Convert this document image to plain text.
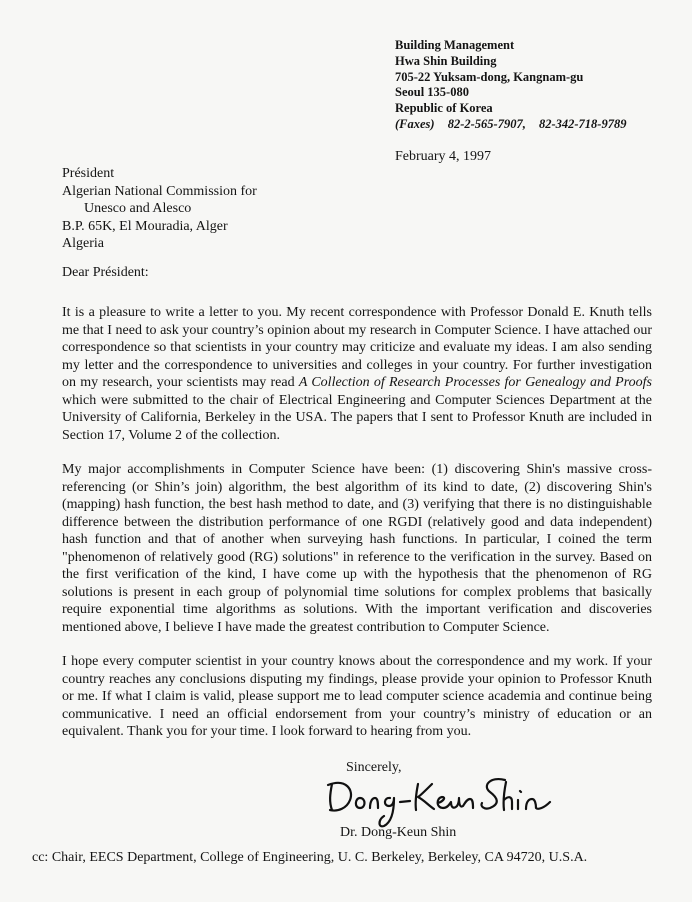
Building Management
Hwa Shin Building
705-22 Yuksam-dong, Kangnam-gu
Seoul 135-080
Republic of Korea
(Faxes) 82-2-565-7907, 82-342-718-9789
February 4, 1997
Président
Algerian National Commission for
Unesco and Alesco
B.P. 65K, El Mouradia, Alger
Algeria
Dear Président:
It is a pleasure to write a letter to you. My recent correspondence with Professor Donald E. Knuth tells me that I need to ask your country’s opinion about my research in Computer Science. I have attached our correspondence so that scientists in your country may criticize and evaluate my ideas. I am also sending my letter and the correspondence to universities and colleges in your country. For further investigation on my research, your scientists may read A Collection of Research Processes for Genealogy and Proofs which were submitted to the chair of Electrical Engineering and Computer Sciences Department at the University of California, Berkeley in the USA. The papers that I sent to Professor Knuth are included in Section 17, Volume 2 of the collection.
My major accomplishments in Computer Science have been: (1) discovering Shin's massive cross-referencing (or Shin’s join) algorithm, the best algorithm of its kind to date, (2) discovering Shin's (mapping) hash function, the best hash method to date, and (3) verifying that there is no distinguishable difference between the distribution performance of one RGDI (relatively good and data independent) hash function and that of another when surveying hash functions. In particular, I coined the term "phenomenon of relatively good (RG) solutions" in reference to the verification in the survey. Based on the first verification of the kind, I have come up with the hypothesis that the phenomenon of RG solutions is present in each group of polynomial time solutions for complex problems that basically require exponential time algorithms as solutions. With the important verification and discoveries mentioned above, I believe I have made the greatest contribution to Computer Science.
I hope every computer scientist in your country knows about the correspondence and my work. If your country reaches any conclusions disputing my findings, please provide your opinion to Professor Knuth or me. If what I claim is valid, please support me to lead computer science academia and continue being communicative. I need an official endorsement from your country’s ministry of education or an equivalent. Thank you for your time. I look forward to hearing from you.
Sincerely,
Dr. Dong-Keun Shin
cc: Chair, EECS Department, College of Engineering, U. C. Berkeley, Berkeley, CA 94720, U.S.A.
